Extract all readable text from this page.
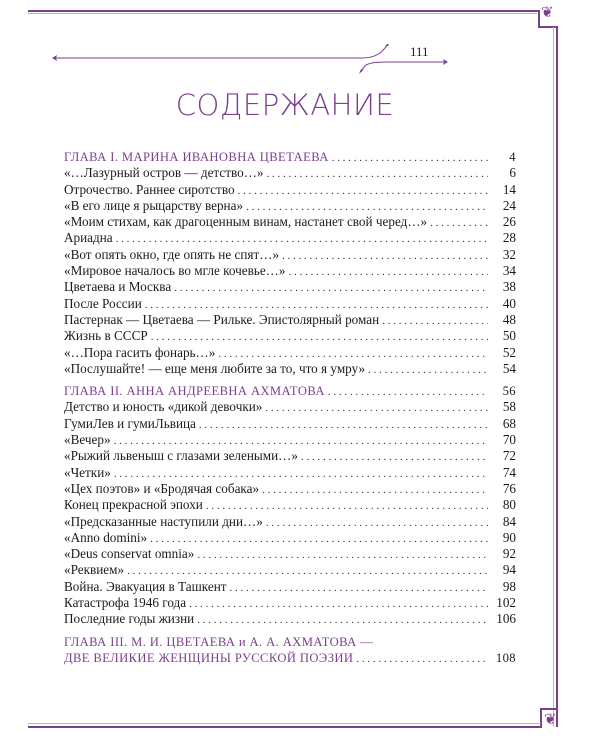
❦
❦
111
СОДЕРЖАНИЕ
ГЛАВА I. МАРИНА ИВАНОВНА ЦВЕТАЕВА . . .	4
«…Лазурный остров — детство…» . . .	6
Отрочество. Раннее сиротство . . .	14
«В его лице я рыцарству верна» . . .	24
«Моим стихам, как драгоценным винам, настанет свой черед…» . . .	26
Ариадна . . .	28
«Вот опять окно, где опять не спят…» . . .	32
«Мировое началось во мгле кочевье…» . . .	34
Цветаева и Москва . . .	38
После России . . .	40
Пастернак — Цветаева — Рильке. Эпистолярный роман . . .	48
Жизнь в СССР . . .	50
«…Пора гасить фонарь…» . . .	52
«Послушайте! — еще меня любите за то, что я умру» . . .	54
ГЛАВА II. АННА АНДРЕЕВНА АХМАТОВА . . .	56
Детство и юность «дикой девочки» . . .	58
ГумиЛев и гумиЛьвица . . .	68
«Вечер» . . .	70
«Рыжий львеныш с глазами зелеными…» . . .	72
«Четки» . . .	74
«Цех поэтов» и «Бродячая собака» . . .	76
Конец прекрасной эпохи . . .	80
«Предсказанные наступили дни…» . . .	84
«Anno domini» . . .	90
«Deus conservat omnia» . . .	92
«Реквием» . . .	94
Война. Эвакуация в Ташкент . . .	98
Катастрофа 1946 года . . .	102
Последние годы жизни . . .	106
ГЛАВА III. М. И. ЦВЕТАЕВА и А. А. АХМАТОВА —
ДВЕ ВЕЛИКИЕ ЖЕНЩИНЫ РУССКОЙ ПОЭЗИИ . . .	108
